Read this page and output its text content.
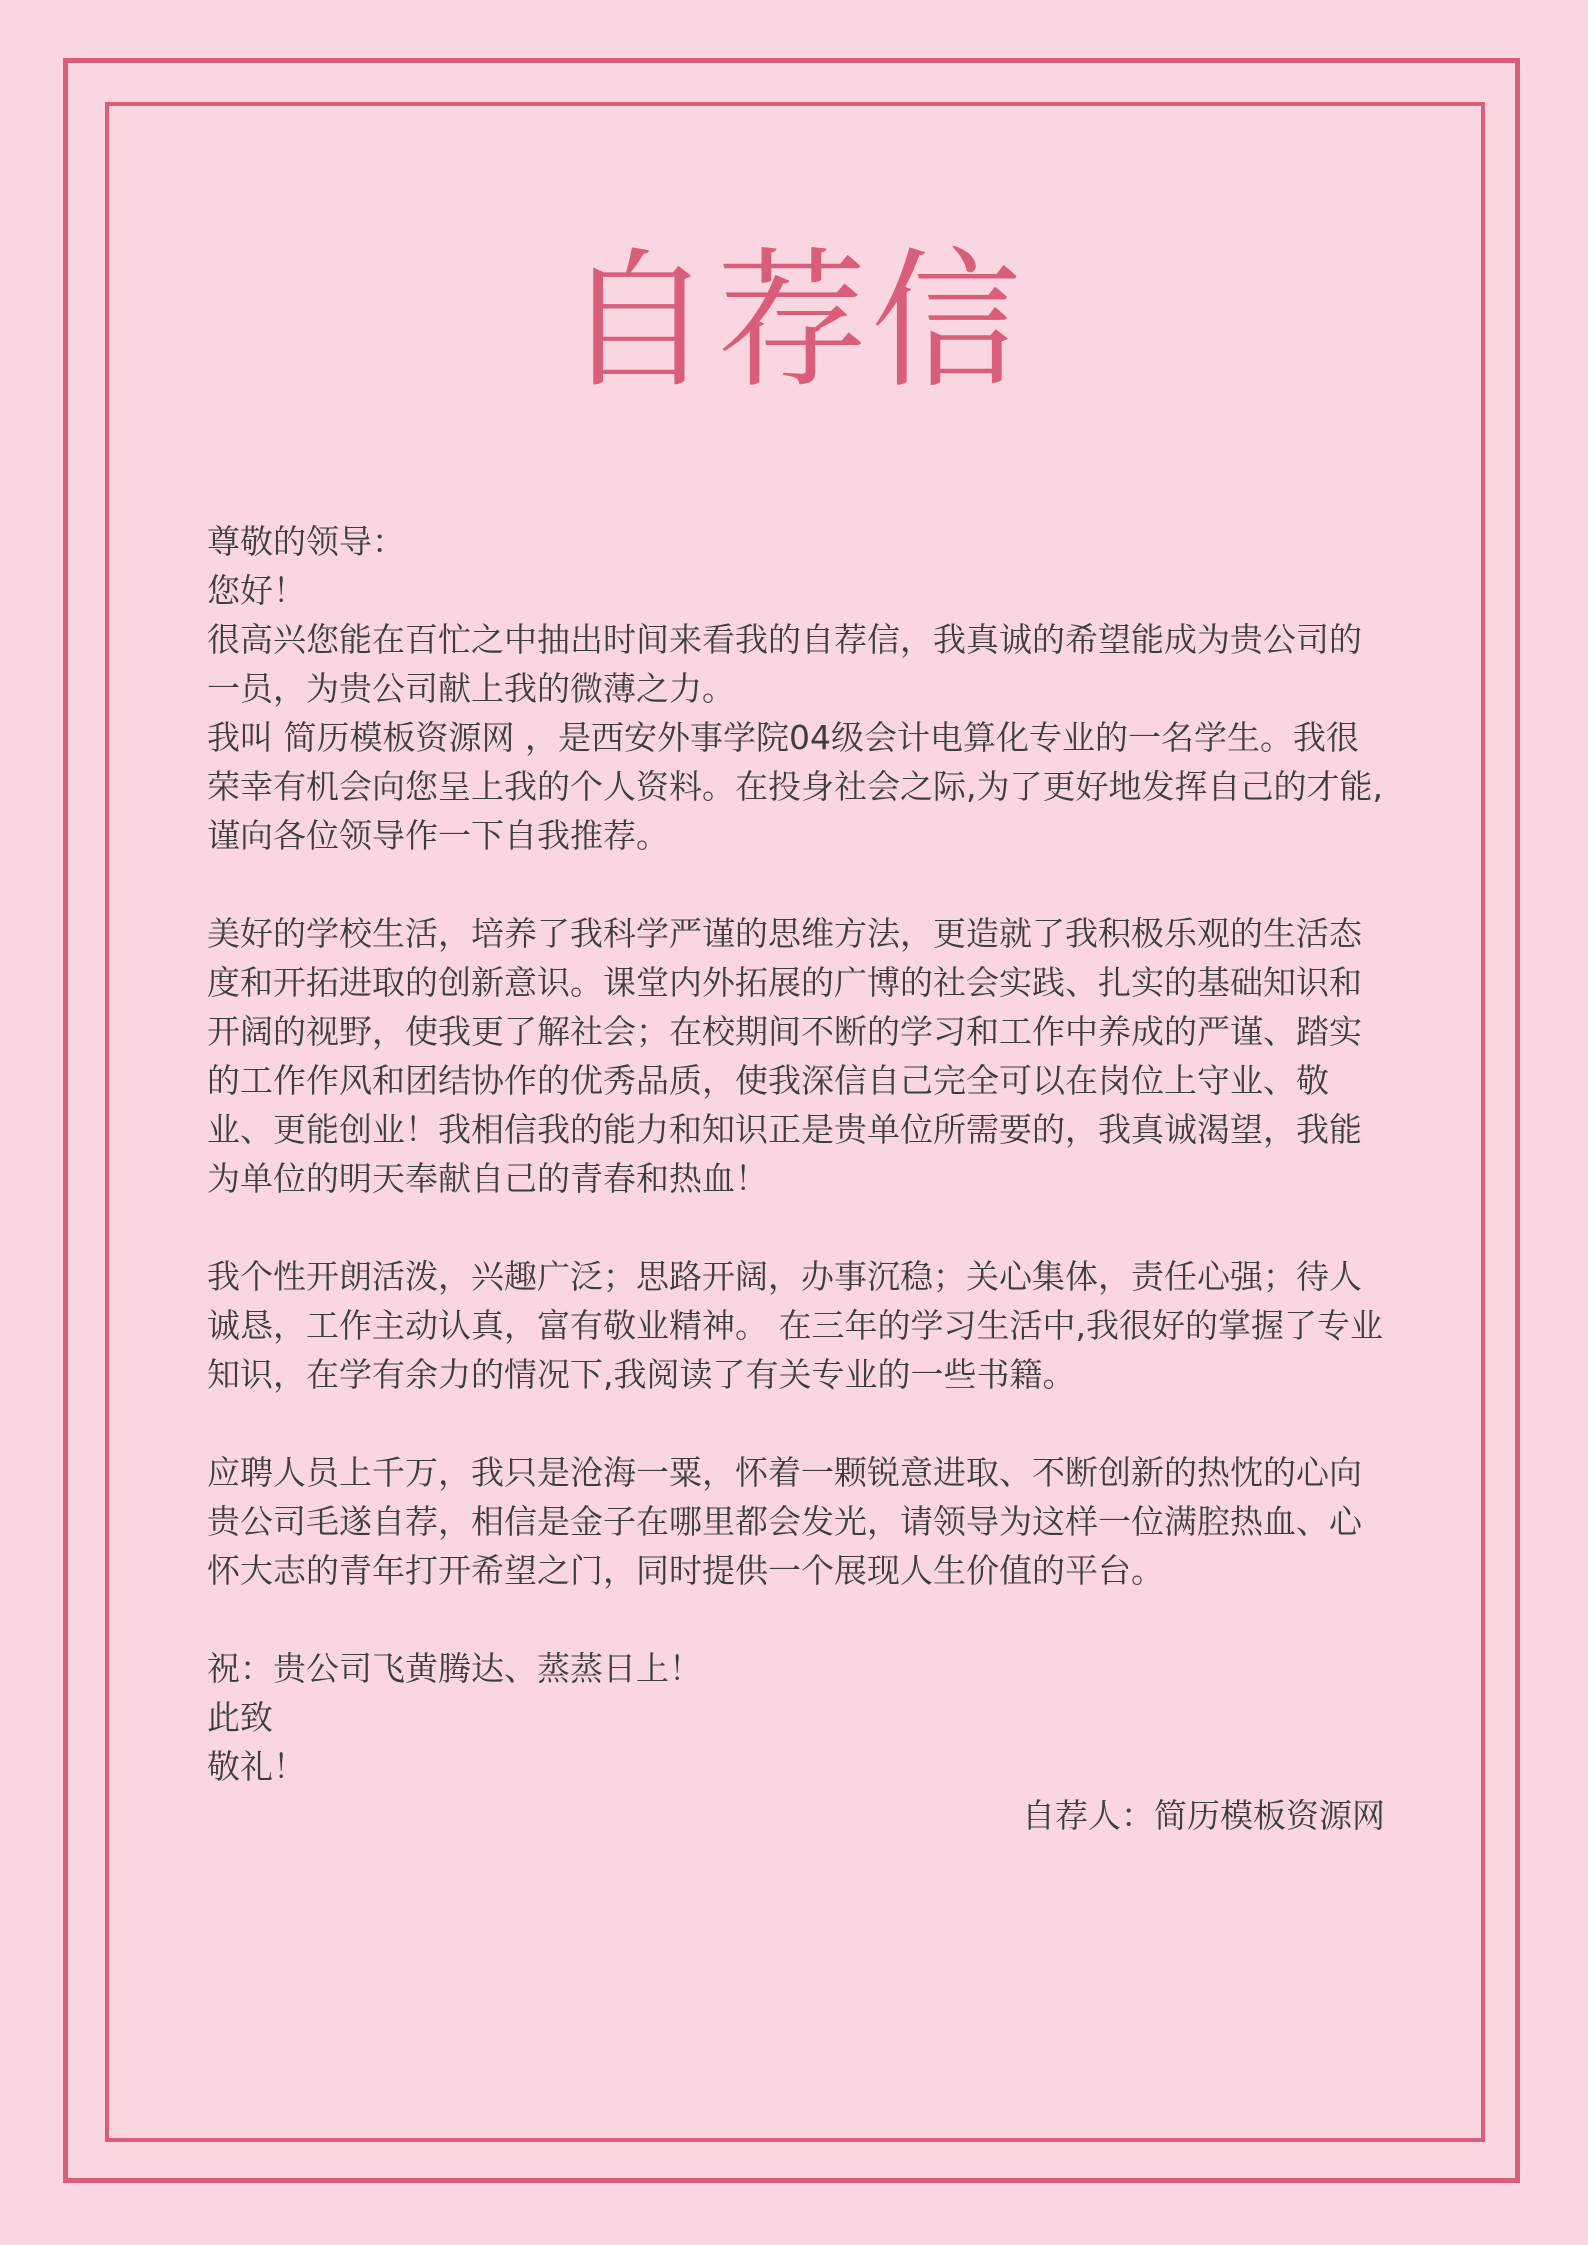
自荐信

尊敬的领导：

您好！

很高兴您能在百忙之中抽出时间来看我的自荐信，我真诚的希望能成为贵公司的一员，为贵公司献上我的微薄之力。

我叫 简历模板资源网 ，是西安外事学院04级会计电算化专业的一名学生。我很荣幸有机会向您呈上我的个人资料。在投身社会之际,为了更好地发挥自己的才能,谨向各位领导作一下自我推荐。

美好的学校生活，培养了我科学严谨的思维方法，更造就了我积极乐观的生活态度和开拓进取的创新意识。课堂内外拓展的广博的社会实践、扎实的基础知识和开阔的视野，使我更了解社会；在校期间不断的学习和工作中养成的严谨、踏实的工作作风和团结协作的优秀品质，使我深信自己完全可以在岗位上守业、敬业、更能创业！我相信我的能力和知识正是贵单位所需要的，我真诚渴望，我能为单位的明天奉献自己的青春和热血！

我个性开朗活泼，兴趣广泛；思路开阔，办事沉稳；关心集体，责任心强；待人诚恳，工作主动认真，富有敬业精神。 在三年的学习生活中,我很好的掌握了专业知识，在学有余力的情况下,我阅读了有关专业的一些书籍。

应聘人员上千万，我只是沧海一粟，怀着一颗锐意进取、不断创新的热忱的心向贵公司毛遂自荐，相信是金子在哪里都会发光，请领导为这样一位满腔热血、心怀大志的青年打开希望之门，同时提供一个展现人生价值的平台。

祝：贵公司飞黄腾达、蒸蒸日上！

此致

敬礼！

自荐人：简历模板资源网
